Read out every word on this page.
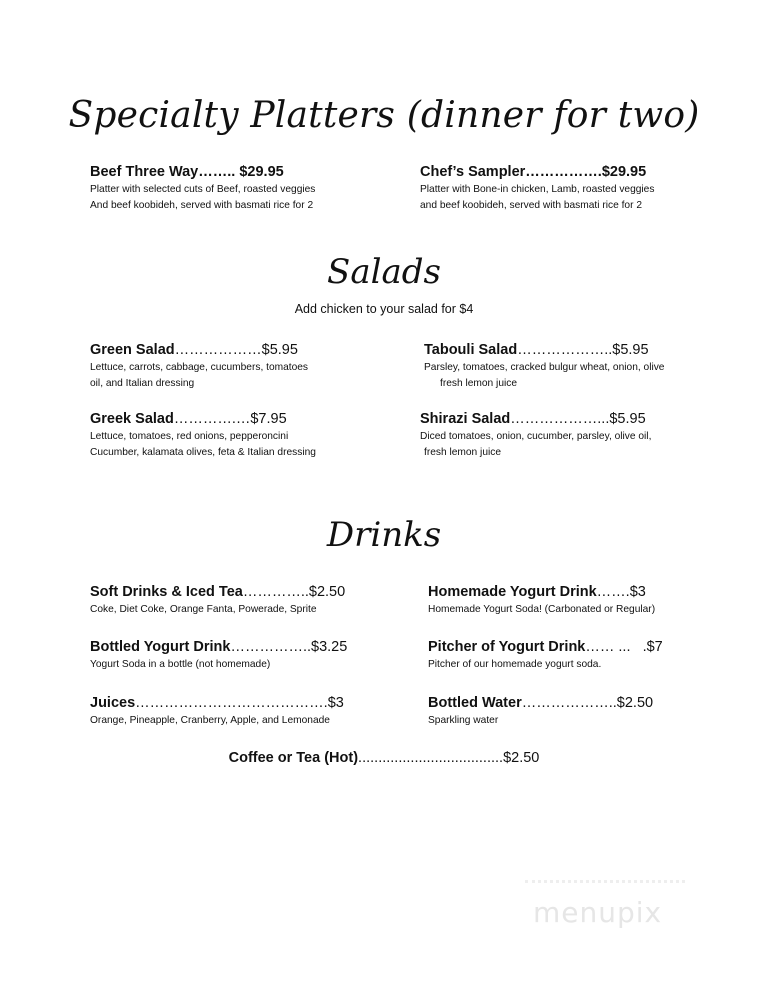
Specialty Platters (dinner for two)
Beef Three Way…….. $29.95
Platter with selected cuts of Beef, roasted veggies
And beef koobideh, served with basmati rice for 2
Chef’s Sampler…………….$29.95
Platter with Bone-in chicken, Lamb, roasted veggies
and beef koobideh, served with basmati rice for 2
Salads
Add chicken to your salad for $4
Green Salad………………$5.95
Lettuce, carrots, cabbage, cucumbers, tomatoes
oil, and Italian dressing
Tabouli Salad………………..$5.95
Parsley, tomatoes, cracked bulgur wheat, onion, olive
fresh lemon juice
Greek Salad………….…$7.95
Lettuce, tomatoes, red onions, pepperoncini
Cucumber, kalamata olives, feta & Italian dressing
Shirazi Salad………………...$5.95
Diced tomatoes, onion, cucumber, parsley, olive oil,
fresh lemon juice
Drinks
Soft Drinks & Iced Tea…………..$2.50
Coke, Diet Coke, Orange Fanta, Powerade, Sprite
Homemade Yogurt Drink…….$3
Homemade Yogurt Soda! (Carbonated or Regular)
Bottled Yogurt Drink……………..$3.25
Yogurt Soda in a bottle (not homemade)
Pitcher of Yogurt Drink…… ...   .$7
Pitcher of our homemade yogurt soda.
Juices………………………………….$3
Orange, Pineapple, Cranberry, Apple, and Lemonade
Bottled Water………………..$2.50
Sparkling water
Coffee or Tea (Hot)....................................$2.50
menupix
